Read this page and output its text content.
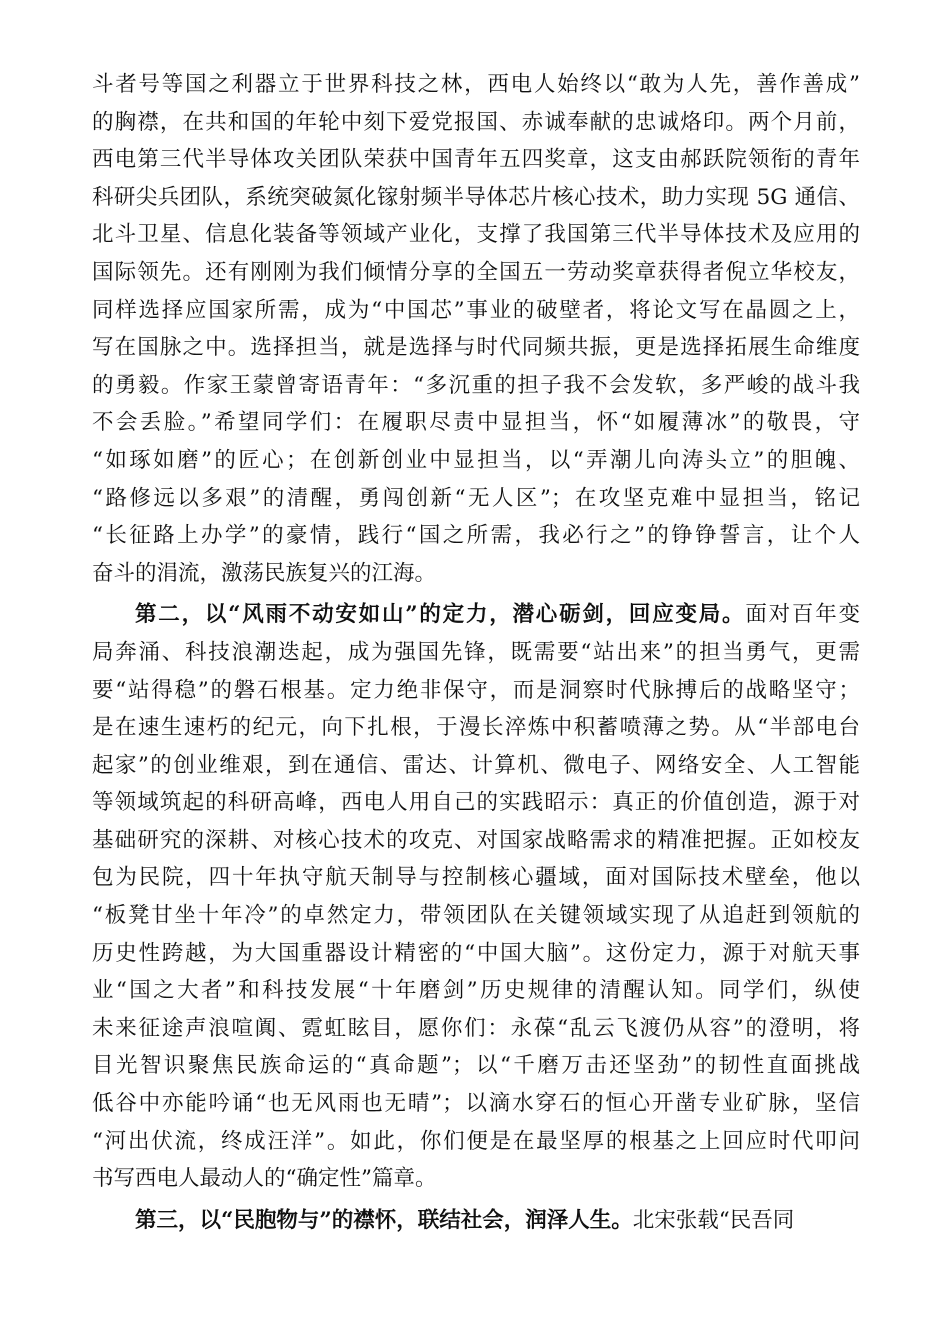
斗者号等国之利器立于世界科技之林，西电人始终以“敢为人先，善作善成”
的胸襟，在共和国的年轮中刻下爱党报国、赤诚奉献的忠诚烙印。两个月前，
西电第三代半导体攻关团队荣获中国青年五四奖章，这支由郝跃院领衔的青年
科研尖兵团队，系统突破氮化镓射频半导体芯片核心技术，助力实现 5G 通信、
北斗卫星、信息化装备等领域产业化，支撑了我国第三代半导体技术及应用的
国际领先。还有刚刚为我们倾情分享的全国五一劳动奖章获得者倪立华校友，
同样选择应国家所需，成为“中国芯”事业的破壁者，将论文写在晶圆之上，
写在国脉之中。选择担当，就是选择与时代同频共振，更是选择拓展生命维度
的勇毅。作家王蒙曾寄语青年：“多沉重的担子我不会发软，多严峻的战斗我
不会丢脸。”希望同学们：在履职尽责中显担当，怀“如履薄冰”的敬畏，守
“如琢如磨”的匠心；在创新创业中显担当，以“弄潮儿向涛头立”的胆魄、
“路修远以多艰”的清醒，勇闯创新“无人区”；在攻坚克难中显担当，铭记
“长征路上办学”的豪情，践行“国之所需，我必行之”的铮铮誓言，让个人
奋斗的涓流，激荡民族复兴的江海。
第二，以“风雨不动安如山”的定力，潜心砺剑，回应变局。面对百年变
局奔涌、科技浪潮迭起，成为强国先锋，既需要“站出来”的担当勇气，更需
要“站得稳”的磐石根基。定力绝非保守，而是洞察时代脉搏后的战略坚守；
是在速生速朽的纪元，向下扎根，于漫长淬炼中积蓄喷薄之势。从“半部电台
起家”的创业维艰，到在通信、雷达、计算机、微电子、网络安全、人工智能
等领域筑起的科研高峰，西电人用自己的实践昭示：真正的价值创造，源于对
基础研究的深耕、对核心技术的攻克、对国家战略需求的精准把握。正如校友
包为民院，四十年执守航天制导与控制核心疆域，面对国际技术壁垒，他以
“板凳甘坐十年冷”的卓然定力，带领团队在关键领域实现了从追赶到领航的
历史性跨越，为大国重器设计精密的“中国大脑”。这份定力，源于对航天事
业“国之大者”和科技发展“十年磨剑”历史规律的清醒认知。同学们，纵使
未来征途声浪喧阗、霓虹眩目，愿你们：永葆“乱云飞渡仍从容”的澄明，将
目光智识聚焦民族命运的“真命题”；以“千磨万击还坚劲”的韧性直面挑战
低谷中亦能吟诵“也无风雨也无晴”；以滴水穿石的恒心开凿专业矿脉，坚信
“河出伏流，终成汪洋”。如此，你们便是在最坚厚的根基之上回应时代叩问
书写西电人最动人的“确定性”篇章。
第三，以“民胞物与”的襟怀，联结社会，润泽人生。北宋张载“民吾同
